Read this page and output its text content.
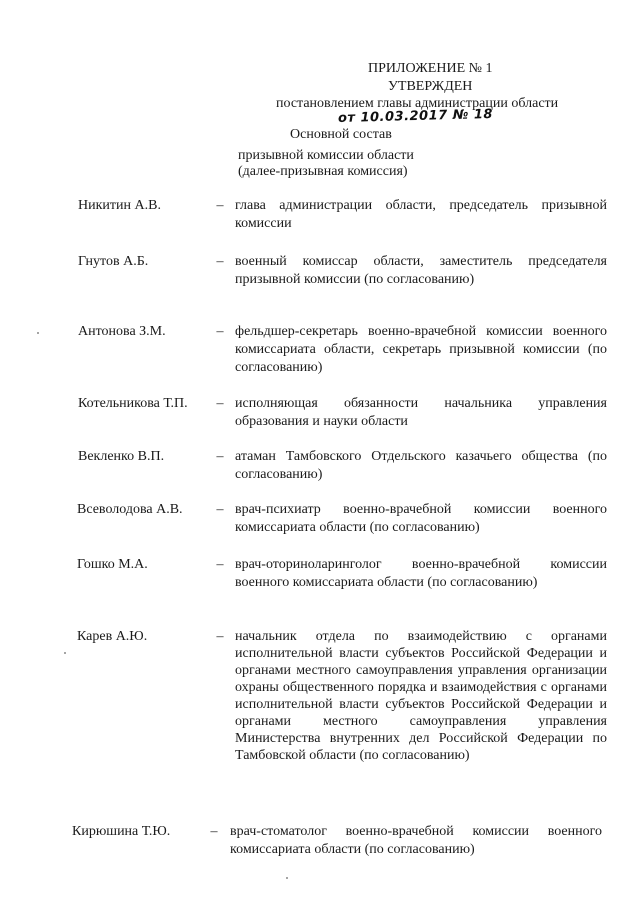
ПРИЛОЖЕНИЕ № 1
УТВЕРЖДЕН
постановлением главы администрации области
от 10.03.2017 № 18
Основной состав
призывной комиссии области
(далее-призывная комиссия)
Никитин А.В.	– глава администрации области, председатель призывной комиссии
Гнутов А.Б.	– военный комиссар области, заместитель председателя призывной комиссии (по согласованию)
Антонова З.М.	– фельдшер-секретарь военно-врачебной комиссии военного комиссариата области, секретарь призывной комиссии (по согласованию)
Котельникова Т.П.	– исполняющая обязанности начальника управления образования и науки области
Векленко В.П.	– атаман Тамбовского Отдельского казачьего общества (по согласованию)
Всеволодова А.В.	– врач-психиатр военно-врачебной комиссии военного комиссариата области (по согласованию)
Гошко М.А.	– врач-оториноларинголог военно-врачебной комиссии военного комиссариата области (по согласованию)
Карев А.Ю.	– начальник отдела по взаимодействию с органами исполнительной власти субъектов Российской Федерации и органами местного самоуправления управления организации охраны общественного порядка и взаимодействия с органами исполнительной власти субъектов Российской Федерации и органами местного самоуправления управления Министерства внутренних дел Российской Федерации по Тамбовской области (по согласованию)
Кирюшина Т.Ю.	– врач-стоматолог военно-врачебной комиссии военного комиссариата области (по согласованию)
